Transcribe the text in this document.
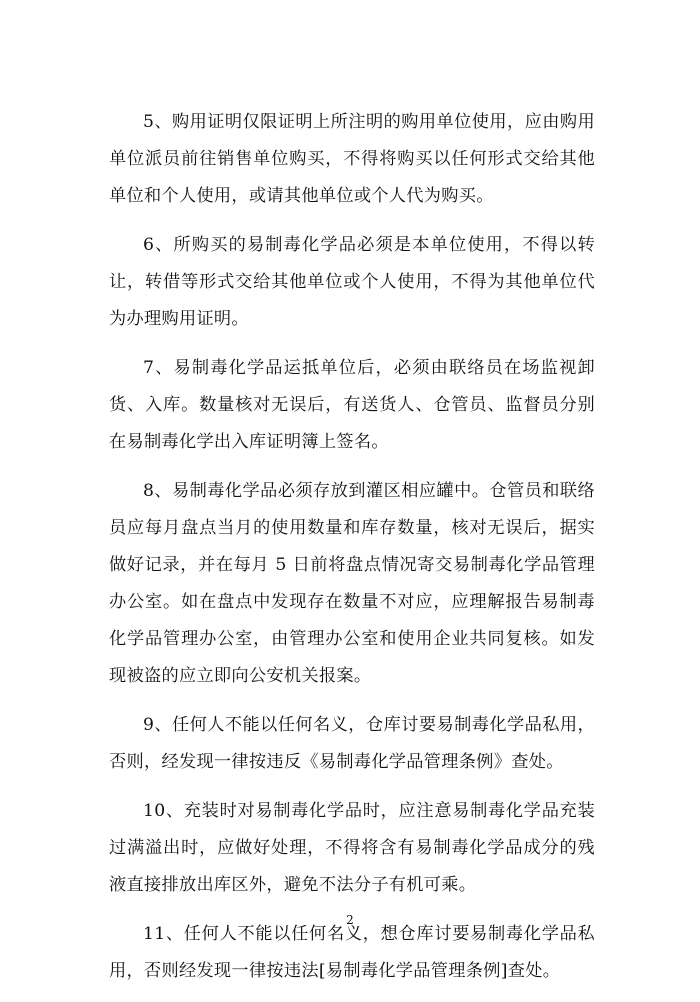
5、购用证明仅限证明上所注明的购用单位使用，应由购用单位派员前往销售单位购买，不得将购买以任何形式交给其他单位和个人使用，或请其他单位或个人代为购买。

6、所购买的易制毒化学品必须是本单位使用，不得以转让，转借等形式交给其他单位或个人使用，不得为其他单位代为办理购用证明。

7、易制毒化学品运抵单位后，必须由联络员在场监视卸货、入库。数量核对无误后，有送货人、仓管员、监督员分别在易制毒化学出入库证明簿上签名。

8、易制毒化学品必须存放到灌区相应罐中。仓管员和联络员应每月盘点当月的使用数量和库存数量，核对无误后，据实做好记录，并在每月 5 日前将盘点情况寄交易制毒化学品管理办公室。如在盘点中发现存在数量不对应，应理解报告易制毒化学品管理办公室，由管理办公室和使用企业共同复核。如发现被盗的应立即向公安机关报案。

9、任何人不能以任何名义，仓库讨要易制毒化学品私用，否则，经发现一律按违反《易制毒化学品管理条例》查处。

10、充装时对易制毒化学品时，应注意易制毒化学品充装过满溢出时，应做好处理，不得将含有易制毒化学品成分的残液直接排放出库区外，避免不法分子有机可乘。

11、任何人不能以任何名义，想仓库讨要易制毒化学品私用，否则经发现一律按违法[易制毒化学品管理条例]查处。

2
